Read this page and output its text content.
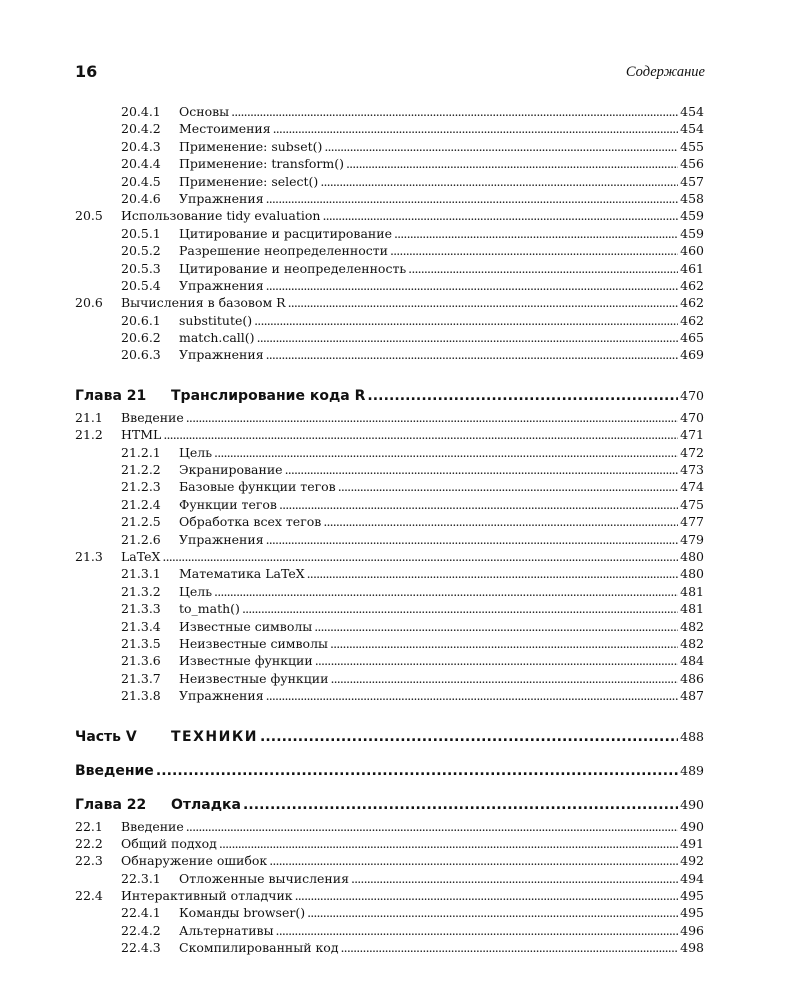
16	Содержание
20.4.1	Основы . . .	454
20.4.2	Местоимения . . .	454
20.4.3	Применение: subset() . . .	455
20.4.4	Применение: transform() . . .	456
20.4.5	Применение: select() . . .	457
20.4.6	Упражнения . . .	458
20.5	Использование tidy evaluation . . .	459
20.5.1	Цитирование и расцитирование . . .	459
20.5.2	Разрешение неопределенности . . .	460
20.5.3	Цитирование и неопределенность . . .	461
20.5.4	Упражнения . . .	462
20.6	Вычисления в базовом R . . .	462
20.6.1	substitute() . . .	462
20.6.2	match.call() . . .	465
20.6.3	Упражнения . . .	469
Глава 21	Транслирование кода R . . .	470
21.1	Введение . . .	470
21.2	HTML . . .	471
21.2.1	Цель . . .	472
21.2.2	Экранирование . . .	473
21.2.3	Базовые функции тегов . . .	474
21.2.4	Функции тегов . . .	475
21.2.5	Обработка всех тегов . . .	477
21.2.6	Упражнения . . .	479
21.3	LaTeX . . .	480
21.3.1	Математика LaTeX . . .	480
21.3.2	Цель . . .	481
21.3.3	to_math() . . .	481
21.3.4	Известные символы . . .	482
21.3.5	Неизвестные символы . . .	482
21.3.6	Известные функции . . .	484
21.3.7	Неизвестные функции . . .	486
21.3.8	Упражнения . . .	487
Часть V	ТЕХНИКИ . . .	488
Введение . . .	489
Глава 22	Отладка . . .	490
22.1	Введение . . .	490
22.2	Общий подход . . .	491
22.3	Обнаружение ошибок . . .	492
22.3.1	Отложенные вычисления . . .	494
22.4	Интерактивный отладчик . . .	495
22.4.1	Команды browser() . . .	495
22.4.2	Альтернативы . . .	496
22.4.3	Скомпилированный код . . .	498
